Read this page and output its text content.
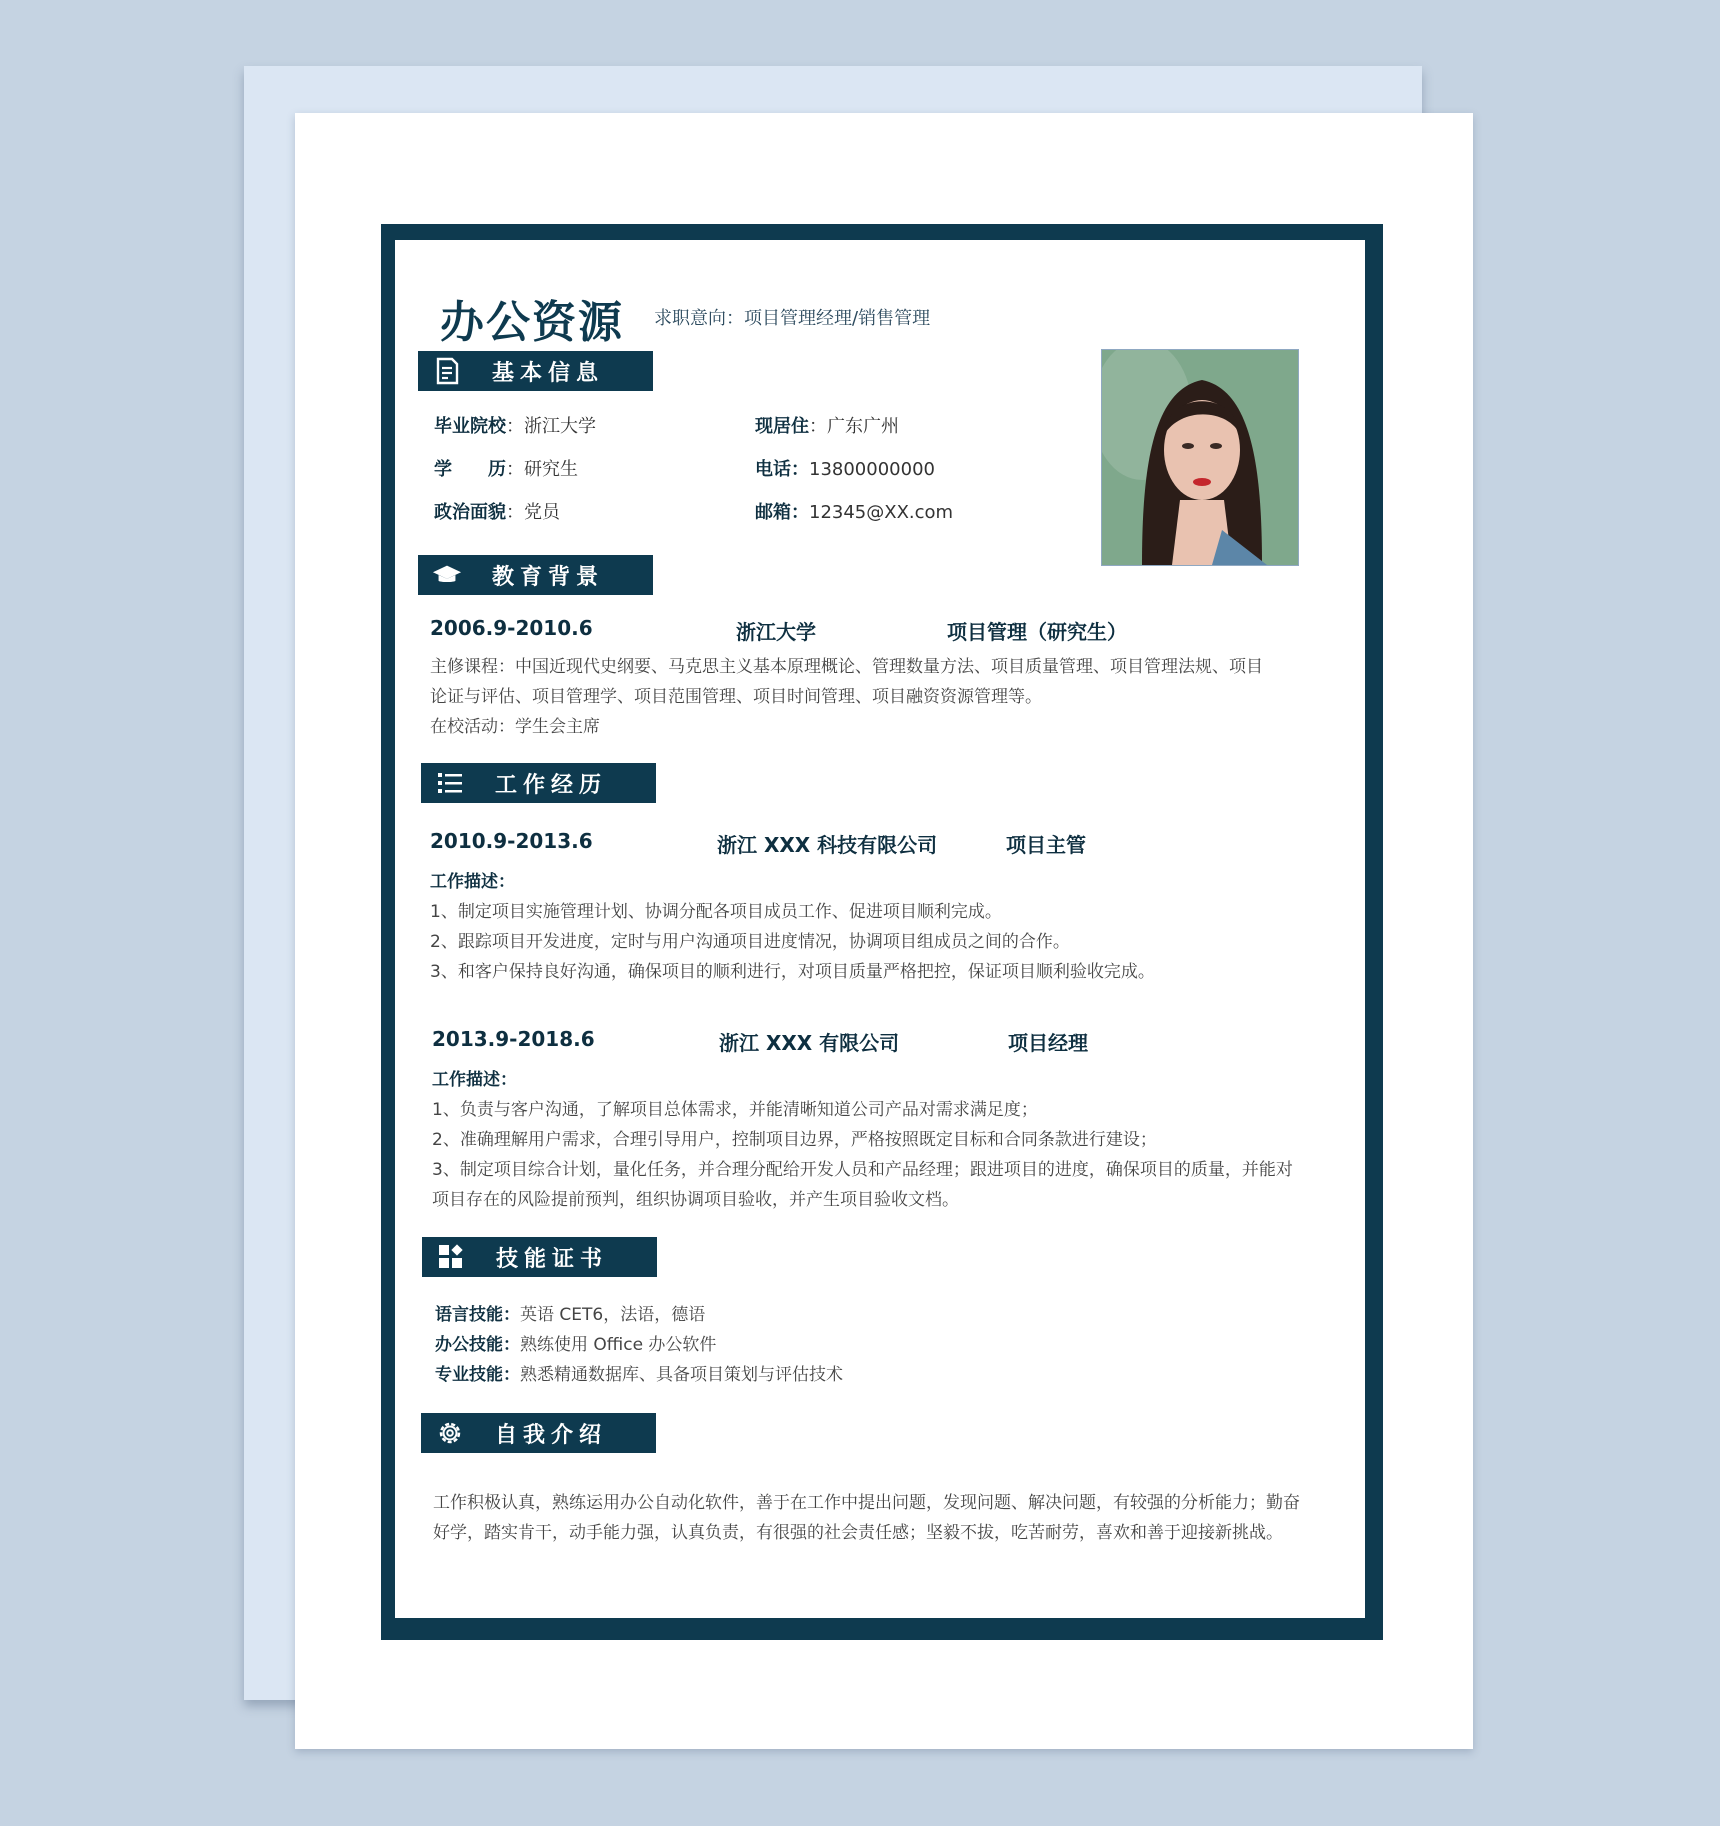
办公资源 求职意向：项目管理经理/销售管理
基本信息
毕业院校：浙江大学
学　　历：研究生
政治面貌：党员
现居住：广东广州
电话：13800000000
邮箱：12345@XX.com
教育背景
2006.9-2010.6	浙江大学	项目管理（研究生）
主修课程：中国近现代史纲要、马克思主义基本原理概论、管理数量方法、项目质量管理、项目管理法规、项目
论证与评估、项目管理学、项目范围管理、项目时间管理、项目融资资源管理等。
在校活动：学生会主席
工作经历
2010.9-2013.6	浙江 XXX 科技有限公司	项目主管
工作描述：
1、制定项目实施管理计划、协调分配各项目成员工作、促进项目顺利完成。
2、跟踪项目开发进度，定时与用户沟通项目进度情况，协调项目组成员之间的合作。
3、和客户保持良好沟通，确保项目的顺利进行，对项目质量严格把控，保证项目顺利验收完成。
2013.9-2018.6	浙江 XXX 有限公司	项目经理
工作描述：
1、负责与客户沟通，了解项目总体需求，并能清晰知道公司产品对需求满足度；
2、准确理解用户需求，合理引导用户，控制项目边界，严格按照既定目标和合同条款进行建设；
3、制定项目综合计划，量化任务，并合理分配给开发人员和产品经理；跟进项目的进度，确保项目的质量，并能对
项目存在的风险提前预判，组织协调项目验收，并产生项目验收文档。
技能证书
语言技能：英语 CET6，法语，德语
办公技能：熟练使用 Office 办公软件
专业技能：熟悉精通数据库、具备项目策划与评估技术
自我介绍
工作积极认真，熟练运用办公自动化软件，善于在工作中提出问题，发现问题、解决问题，有较强的分析能力；勤奋
好学，踏实肯干，动手能力强，认真负责，有很强的社会责任感；坚毅不拔，吃苦耐劳，喜欢和善于迎接新挑战。
